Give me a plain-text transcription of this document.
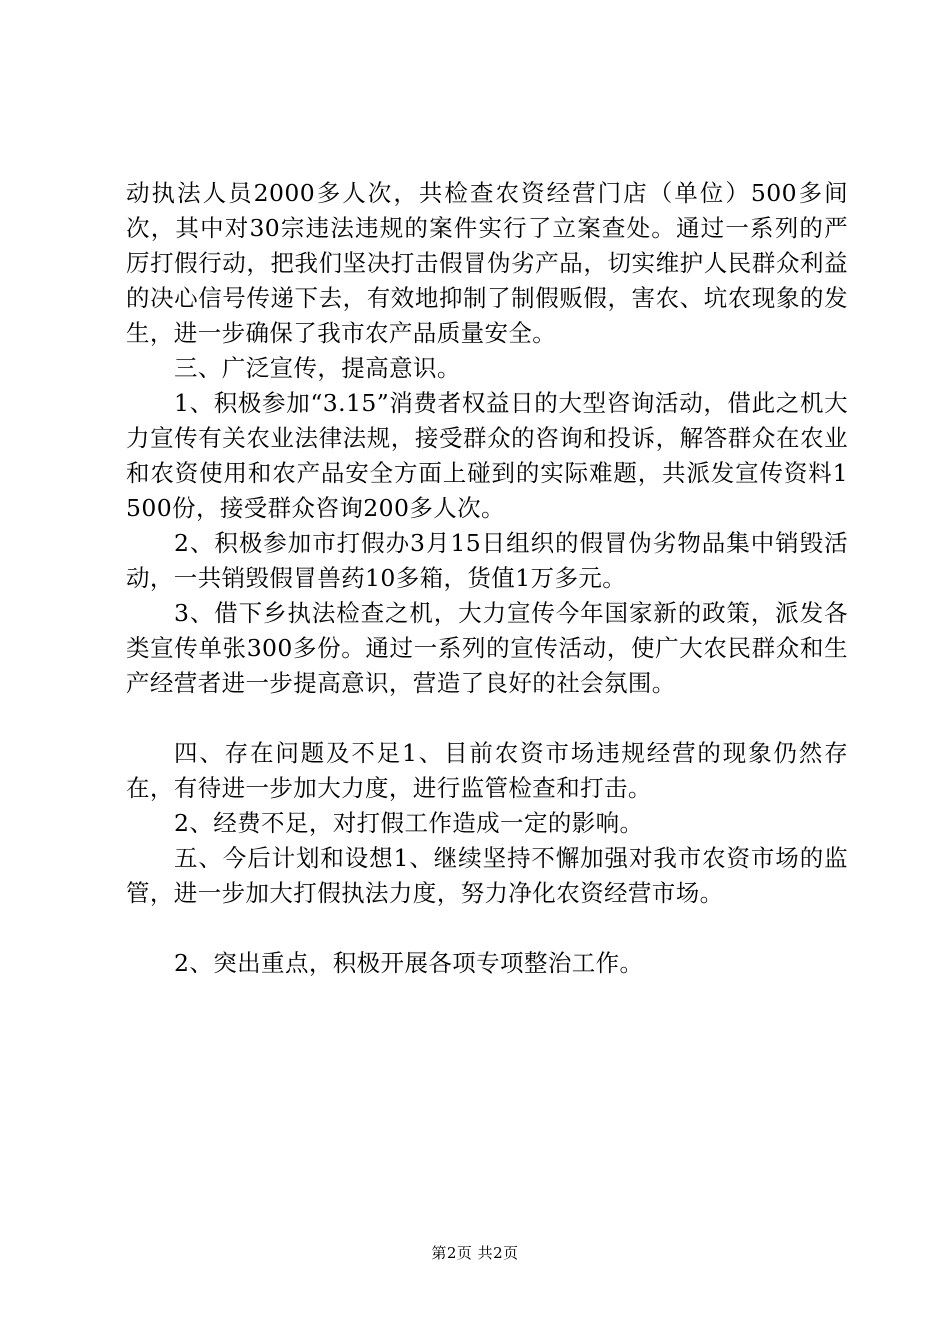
动执法人员2000多人次，共检查农资经营门店（单位）500多间次，其中对30宗违法违规的案件实行了立案查处。通过一系列的严厉打假行动，把我们坚决打击假冒伪劣产品，切实维护人民群众利益的决心信号传递下去，有效地抑制了制假贩假，害农、坑农现象的发生，进一步确保了我市农产品质量安全。

三、广泛宣传，提高意识。

1、积极参加“3.15”消费者权益日的大型咨询活动，借此之机大力宣传有关农业法律法规，接受群众的咨询和投诉，解答群众在农业和农资使用和农产品安全方面上碰到的实际难题，共派发宣传资料1500份，接受群众咨询200多人次。

2、积极参加市打假办3月15日组织的假冒伪劣物品集中销毁活动，一共销毁假冒兽药10多箱，货值1万多元。

3、借下乡执法检查之机，大力宣传今年国家新的政策，派发各类宣传单张300多份。通过一系列的宣传活动，使广大农民群众和生产经营者进一步提高意识，营造了良好的社会氛围。

四、存在问题及不足1、目前农资市场违规经营的现象仍然存在，有待进一步加大力度，进行监管检查和打击。

2、经费不足，对打假工作造成一定的影响。

五、今后计划和设想1、继续坚持不懈加强对我市农资市场的监管，进一步加大打假执法力度，努力净化农资经营市场。

2、突出重点，积极开展各项专项整治工作。

第2页 共2页
